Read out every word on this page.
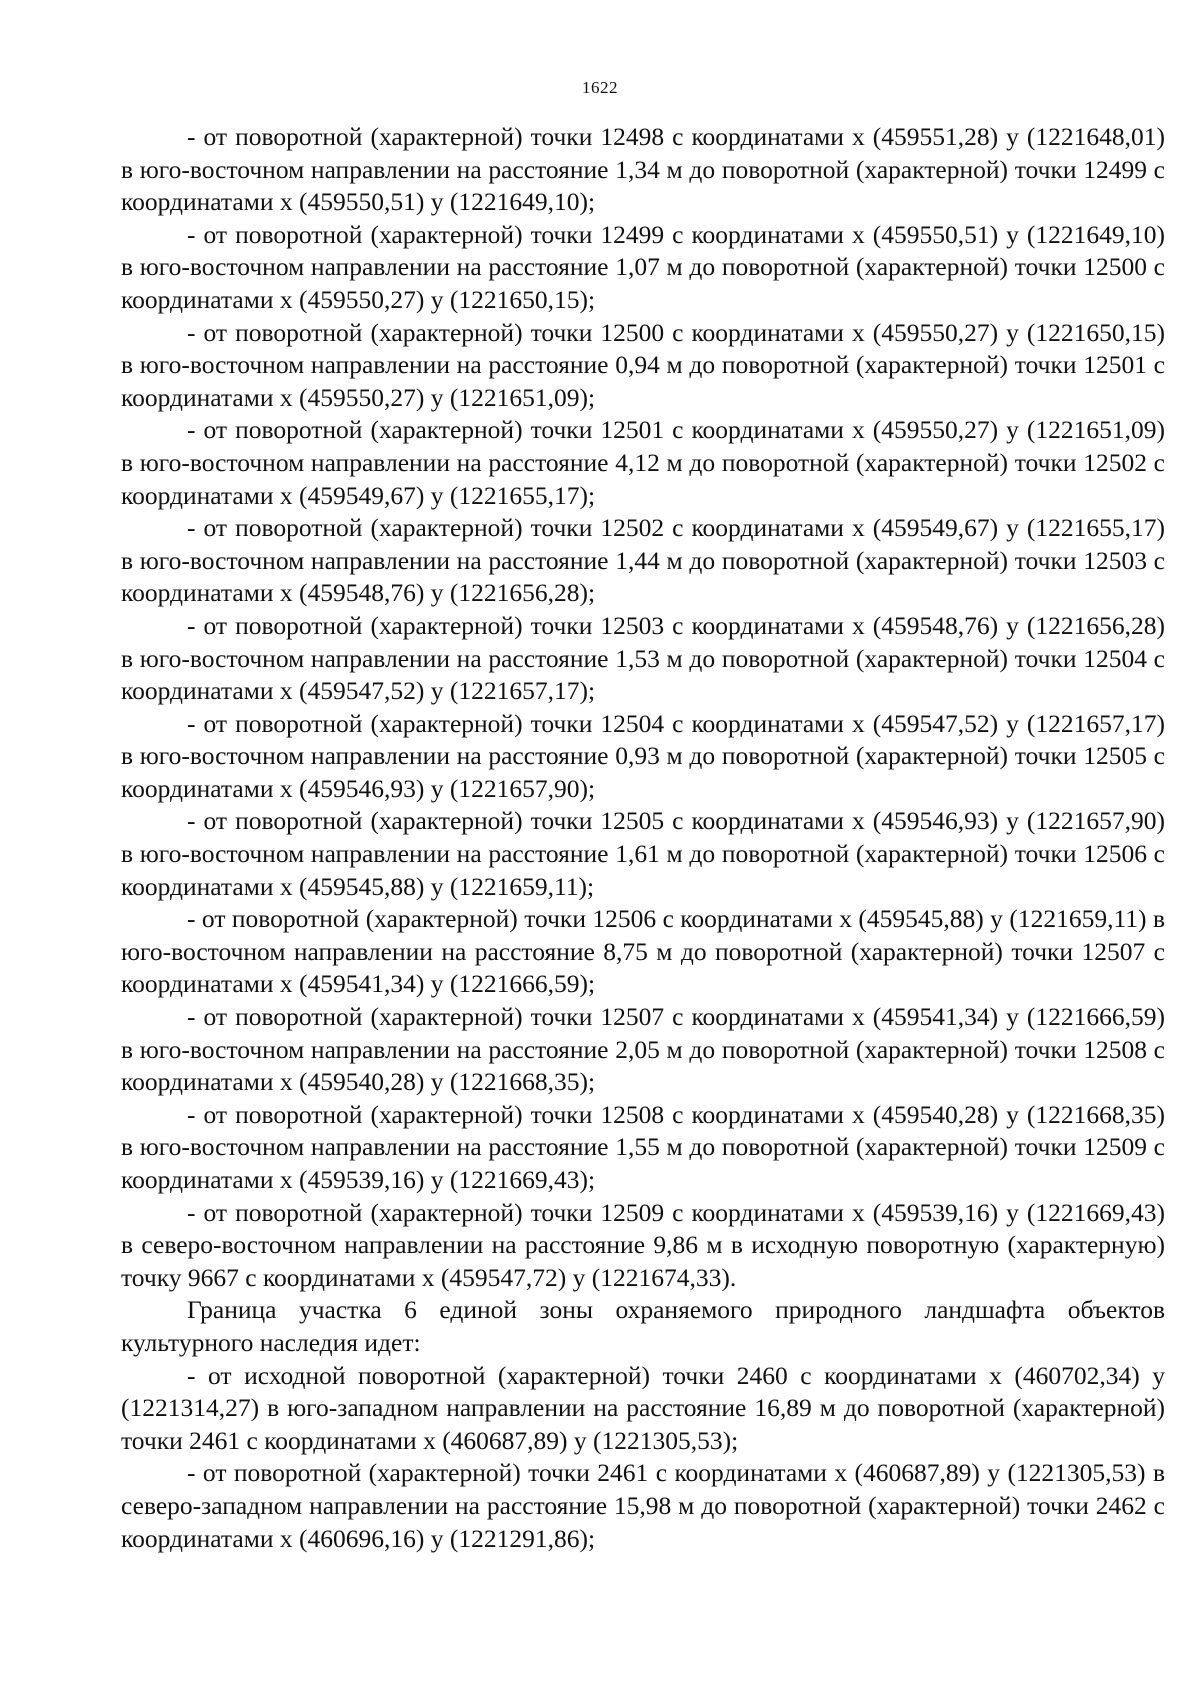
1622

- от поворотной (характерной) точки 12498 с координатами x (459551,28) у (1221648,01) в юго-восточном направлении на расстояние 1,34 м до поворотной (характерной) точки 12499 с координатами x (459550,51) у (1221649,10);

- от поворотной (характерной) точки 12499 с координатами x (459550,51) у (1221649,10) в юго-восточном направлении на расстояние 1,07 м до поворотной (характерной) точки 12500 с координатами x (459550,27) у (1221650,15);

- от поворотной (характерной) точки 12500 с координатами x (459550,27) у (1221650,15) в юго-восточном направлении на расстояние 0,94 м до поворотной (характерной) точки 12501 с координатами x (459550,27) у (1221651,09);

- от поворотной (характерной) точки 12501 с координатами x (459550,27) у (1221651,09) в юго-восточном направлении на расстояние 4,12 м до поворотной (характерной) точки 12502 с координатами x (459549,67) у (1221655,17);

- от поворотной (характерной) точки 12502 с координатами x (459549,67) у (1221655,17) в юго-восточном направлении на расстояние 1,44 м до поворотной (характерной) точки 12503 с координатами x (459548,76) у (1221656,28);

- от поворотной (характерной) точки 12503 с координатами x (459548,76) у (1221656,28) в юго-восточном направлении на расстояние 1,53 м до поворотной (характерной) точки 12504 с координатами x (459547,52) у (1221657,17);

- от поворотной (характерной) точки 12504 с координатами x (459547,52) у (1221657,17) в юго-восточном направлении на расстояние 0,93 м до поворотной (характерной) точки 12505 с координатами x (459546,93) у (1221657,90);

- от поворотной (характерной) точки 12505 с координатами x (459546,93) у (1221657,90) в юго-восточном направлении на расстояние 1,61 м до поворотной (характерной) точки 12506 с координатами x (459545,88) у (1221659,11);

- от поворотной (характерной) точки 12506 с координатами x (459545,88) у (1221659,11) в юго-восточном направлении на расстояние 8,75 м до поворотной (характерной) точки 12507 с координатами x (459541,34) у (1221666,59);

- от поворотной (характерной) точки 12507 с координатами x (459541,34) у (1221666,59) в юго-восточном направлении на расстояние 2,05 м до поворотной (характерной) точки 12508 с координатами x (459540,28) у (1221668,35);

- от поворотной (характерной) точки 12508 с координатами x (459540,28) у (1221668,35) в юго-восточном направлении на расстояние 1,55 м до поворотной (характерной) точки 12509 с координатами x (459539,16) у (1221669,43);

- от поворотной (характерной) точки 12509 с координатами x (459539,16) у (1221669,43) в северо-восточном направлении на расстояние 9,86 м в исходную поворотную (характерную) точку 9667 с координатами x (459547,72) у (1221674,33).

Граница участка 6 единой зоны охраняемого природного ландшафта объектов культурного наследия идет:

- от исходной поворотной (характерной) точки 2460 с координатами x (460702,34) у (1221314,27) в юго-западном направлении на расстояние 16,89 м до поворотной (характерной) точки 2461 с координатами x (460687,89) у (1221305,53);

- от поворотной (характерной) точки 2461 с координатами x (460687,89) у (1221305,53) в северо-западном направлении на расстояние 15,98 м до поворотной (характерной) точки 2462 с координатами x (460696,16) у (1221291,86);
